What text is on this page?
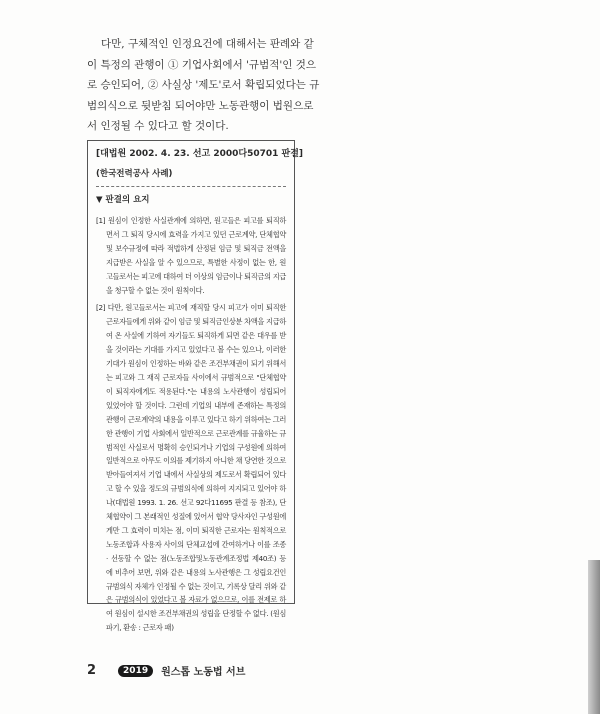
다만, 구체적인 인정요건에 대해서는 판례와 같
이 특정의 관행이 ① 기업사회에서 '규범적'인 것으
로 승인되어, ② 사실상 '제도'로서 확립되었다는 규
범의식으로 뒷받침 되어야만 노동관행이 법원으로
서 인정될 수 있다고 할 것이다.
[대법원 2002. 4. 23. 선고 2000다50701 판결]
(한국전력공사 사례)
▼ 판결의 요지

[1] 원심이 인정한 사실관계에 의하면, 원고들은 피고를 퇴직하면서 그 퇴직 당시에 효력을 가지고 있던 근로계약, 단체협약 및 보수규정에 따라 적법하게 산정된 임금 및 퇴직금 전액을 지급받은 사실을 알 수 있으므로, 특별한 사정이 없는 한, 원고들로서는 피고에 대하여 더 이상의 임금이나 퇴직금의 지급을 청구할 수 없는 것이 원칙이다.

[2] 다만, 원고들로서는 피고에 재직할 당시 피고가 이미 퇴직한 근로자들에게 위와 같이 임금 및 퇴직금인상분 차액을 지급하여 온 사실에 기하여 자기들도 퇴직하게 되면 같은 대우를 받을 것이라는 기대를 가지고 있었다고 볼 수는 있으나, 이러한 기대가 원심이 인정하는 바와 같은 조건부채권이 되기 위해서는 피고와 그 재직 근로자들 사이에서 규범적으로 "단체협약이 퇴직자에게도 적용된다."는 내용의 노사관행이 성립되어 있었어야 할 것이다. 그런데 기업의 내부에 존재하는 특정의 관행이 근로계약의 내용을 이루고 있다고 하기 위하여는 그러한 관행이 기업 사회에서 일반적으로 근로관계를 규율하는 규범적인 사실로서 명확히 승인되거나 기업의 구성원에 의하여 일반적으로 아무도 이의를 제기하지 아니한 채 당연한 것으로 받아들여져서 기업 내에서 사실상의 제도로서 확립되어 있다고 할 수 있을 정도의 규범의식에 의하여 지지되고 있어야 하나(대법원 1993. 1. 26. 선고 92다11695 판결 등 참조), 단체협약이 그 본래적인 성질에 있어서 협약 당사자인 구성원에게만 그 효력이 미치는 점, 이미 퇴직한 근로자는 원칙적으로 노동조합과 사용자 사이의 단체교섭에 간여하거나 이를 조종 · 선동할 수 없는 점(노동조합및노동관계조정법 제40조) 등에 비추어 보면, 위와 같은 내용의 노사관행은 그 성립요건인 규범의식 자체가 인정될 수 없는 것이고, 기록상 달리 위와 같은 규범의식이 있었다고 볼 자료가 없으므로, 이를 전제로 하여 원심이 설시한 조건부채권의 성립을 단정할 수 없다. (원심 파기, 환송 : 근로자 패)

2	2019	원스톱 노동법 서브
